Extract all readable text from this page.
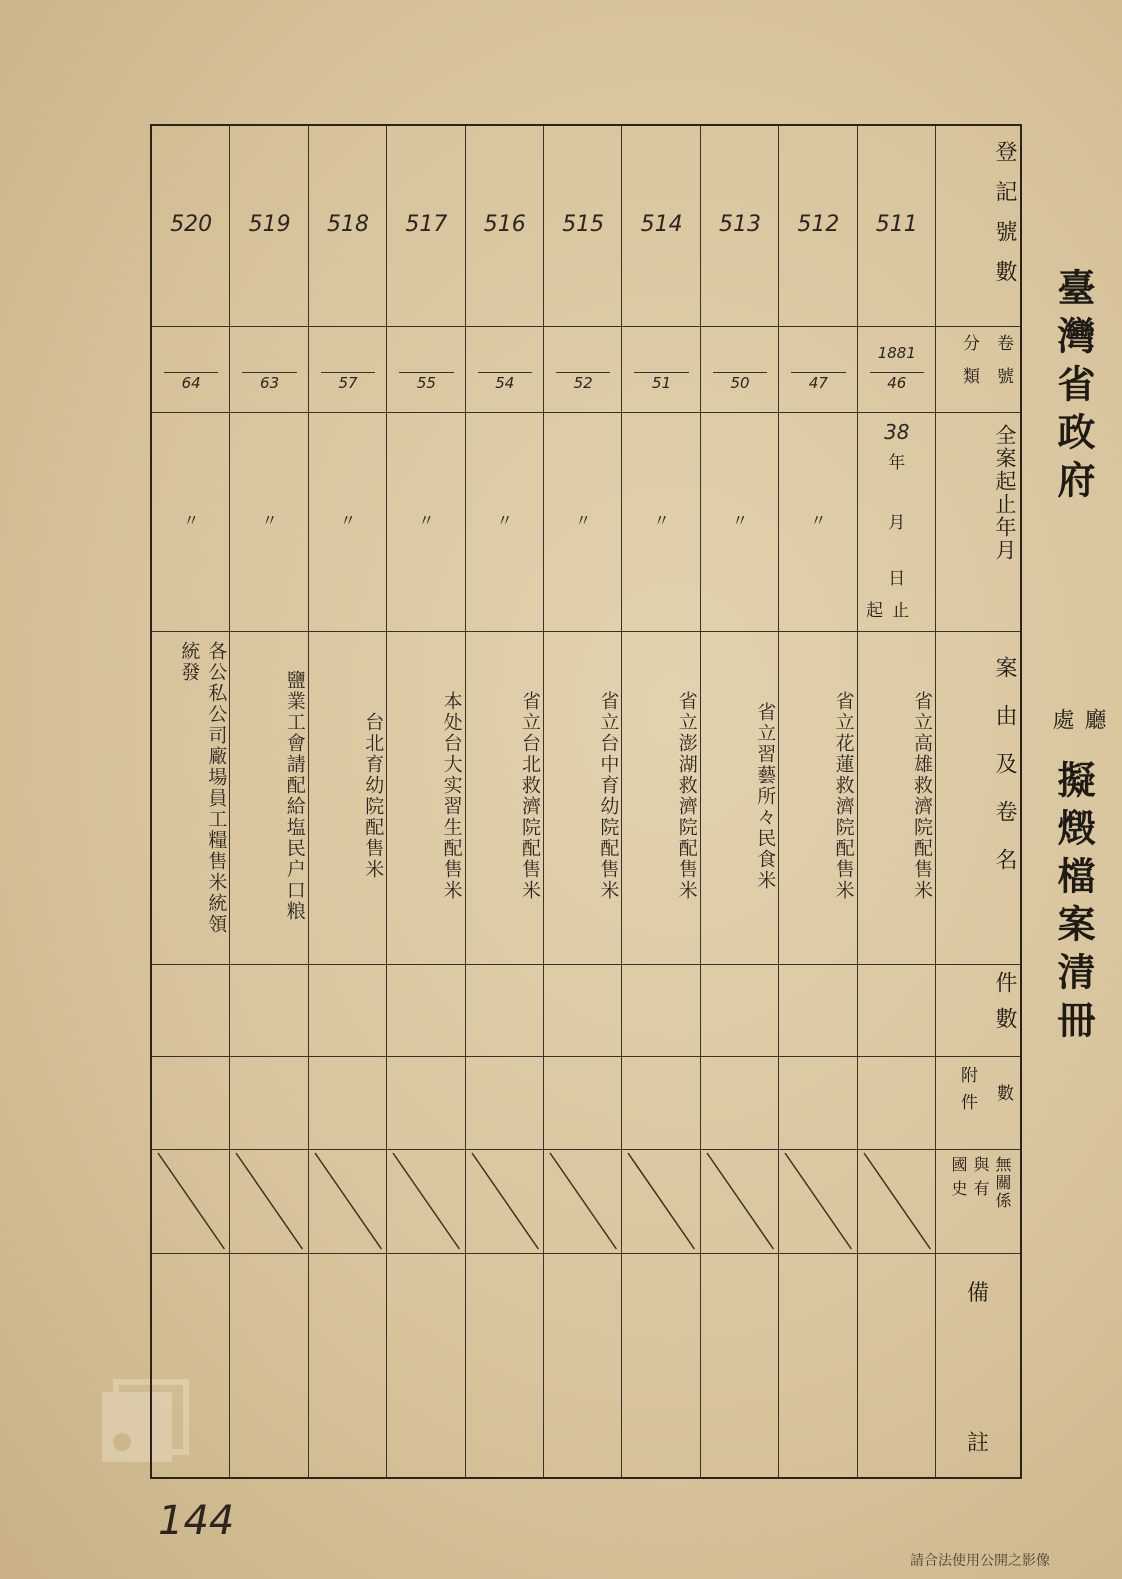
511
1881
46
省立高雄救濟院配售米
512
47
〃
省立花蓮救濟院配售米
513
50
〃
省立習藝所々民食米
514
51
〃
省立澎湖救濟院配售米
515
52
〃
省立台中育幼院配售米
516
54
〃
省立台北救濟院配售米
517
55
〃
本处台大实習生配售米
518
57
〃
台北育幼院配售米
519
63
〃
鹽業工會請配給塩民户口粮
520
64
〃
各公私公司廠場員工糧售米統領統發
38
年
月
日
止
起
登記號數
卷號
分類
全案起止年月
案由及卷名
件數
數
附件
無關係
與有
國史
備
註
臺灣省政府
廳
處
擬燬檔案清冊
144
請合法使用公開之影像
